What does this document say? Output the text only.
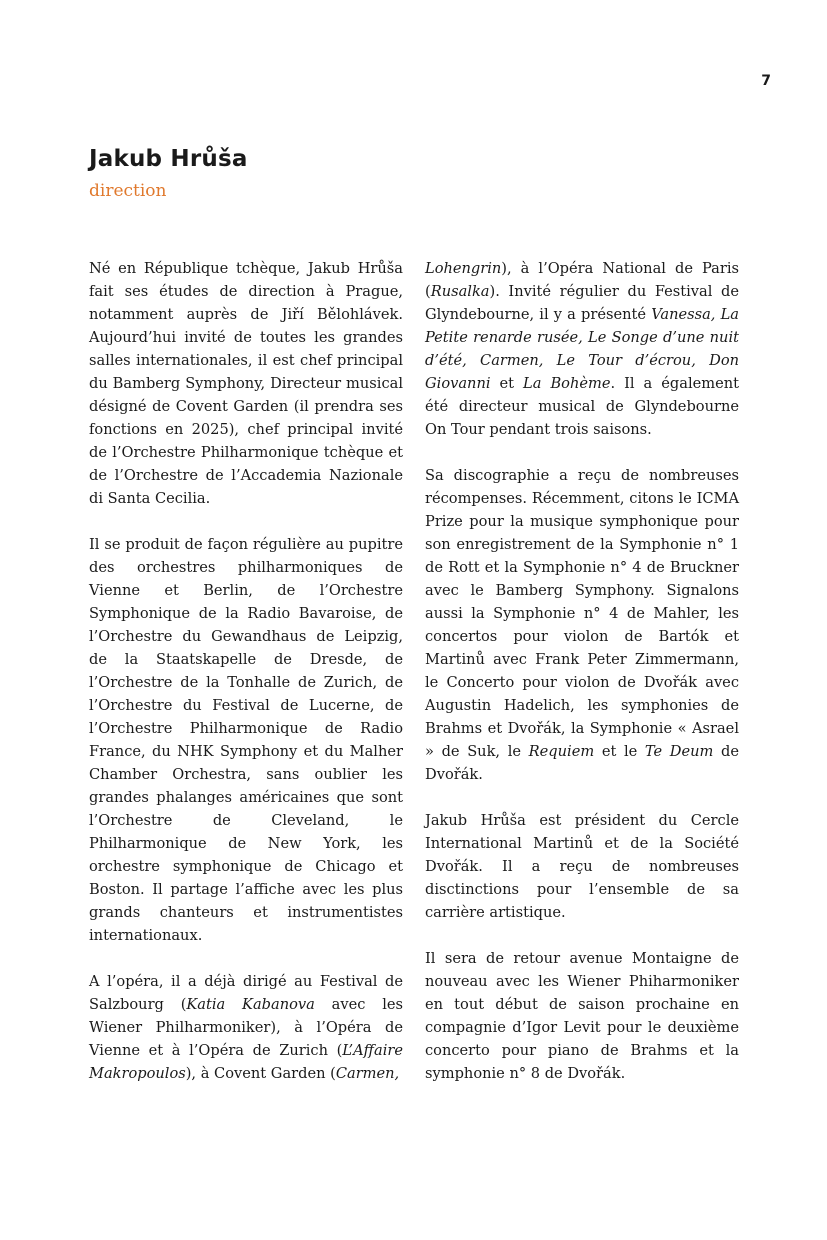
7
Jakub Hrůša
direction

Né en République tchèque, Jakub Hrůša fait ses études de direction à Prague, notamment auprès de Jiří Bělohlávek. Aujourd’hui invité de toutes les grandes salles internationales, il est chef principal du Bamberg Symphony, Directeur musical désigné de Covent Garden (il prendra ses fonctions en 2025), chef principal invité de l’Orchestre Philharmonique tchèque et de l’Orchestre de l’Accademia Nazionale di Santa Cecilia.

Il se produit de façon régulière au pupitre des orchestres philharmoniques de Vienne et Berlin, de l’Orchestre Symphonique de la Radio Bavaroise, de l’Orchestre du Gewandhaus de Leipzig, de la Staatskapelle de Dresde, de l’Orchestre de la Tonhalle de Zurich, de l’Orchestre du Festival de Lucerne, de l’Orchestre Philharmonique de Radio France, du NHK Symphony et du Malher Chamber Orchestra, sans oublier les grandes phalanges américaines que sont l’Orchestre de Cleveland, le Philharmonique de New York, les orchestre symphonique de Chicago et Boston. Il partage l’affiche avec les plus grands chanteurs et instrumentistes internationaux.

A l’opéra, il a déjà dirigé au Festival de Salzbourg (Katia Kabanova avec les Wiener Philharmoniker), à l’Opéra de Vienne et à l’Opéra de Zurich (L’Affaire Makropoulos), à Covent Garden (Carmen,

Lohengrin), à l’Opéra National de Paris (Rusalka). Invité régulier du Festival de Glyndebourne, il y a présenté Vanessa, La Petite renarde rusée, Le Songe d’une nuit d’été, Carmen, Le Tour d’écrou, Don Giovanni et La Bohème. Il a également été directeur musical de Glyndebourne On Tour pendant trois saisons.

Sa discographie a reçu de nombreuses récompenses. Récemment, citons le ICMA Prize pour la musique symphonique pour son enregistrement de la Symphonie n° 1 de Rott et la Symphonie n° 4 de Bruckner avec le Bamberg Symphony. Signalons aussi la Symphonie n° 4 de Mahler, les concertos pour violon de Bartók et Martinů avec Frank Peter Zimmermann, le Concerto pour violon de Dvořák avec Augustin Hadelich, les symphonies de Brahms et Dvořák, la Symphonie « Asrael » de Suk, le Requiem et le Te Deum de Dvořák.

Jakub Hrůša est président du Cercle International Martinů et de la Société Dvořák. Il a reçu de nombreuses disctinctions pour l’ensemble de sa carrière artistique.

Il sera de retour avenue Montaigne de nouveau avec les Wiener Phiharmoniker en tout début de saison prochaine en compagnie d’Igor Levit pour le deuxième concerto pour piano de Brahms et la symphonie n° 8 de Dvořák.
